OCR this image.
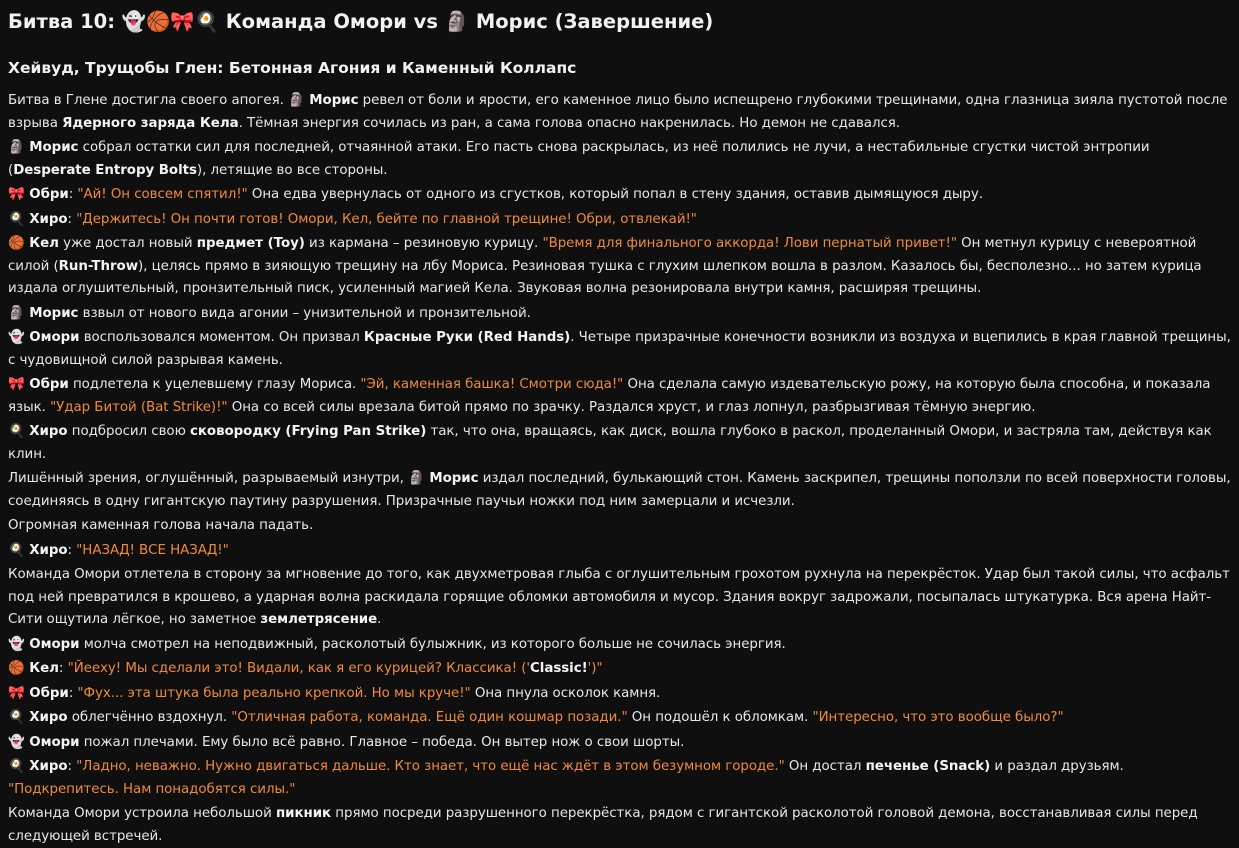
Битва 10: 👻🏀🎀🍳 Команда Омори vs 🗿 Морис (Завершение)
Хейвуд, Трущобы Глен: Бетонная Агония и Каменный Коллапс
Битва в Глене достигла своего апогея. 🗿 Морис ревел от боли и ярости, его каменное лицо было испещрено глубокими трещинами, одна глазница зияла пустотой после взрыва Ядерного заряда Кела. Тёмная энергия сочилась из ран, а сама голова опасно накренилась. Но демон не сдавался.
🗿 Морис собрал остатки сил для последней, отчаянной атаки. Его пасть снова раскрылась, из неё полились не лучи, а нестабильные сгустки чистой энтропии (Desperate Entropy Bolts), летящие во все стороны.
🎀 Обри: "Ай! Он совсем спятил!" Она едва увернулась от одного из сгустков, который попал в стену здания, оставив дымящуюся дыру.
🍳 Хиро: "Держитесь! Он почти готов! Омори, Кел, бейте по главной трещине! Обри, отвлекай!"
🏀 Кел уже достал новый предмет (Toy) из кармана – резиновую курицу. "Время для финального аккорда! Лови пернатый привет!" Он метнул курицу с невероятной силой (Run-Throw), целясь прямо в зияющую трещину на лбу Мориса. Резиновая тушка с глухим шлепком вошла в разлом. Казалось бы, бесполезно... но затем курица издала оглушительный, пронзительный писк, усиленный магией Кела. Звуковая волна резонировала внутри камня, расширяя трещины.
🗿 Морис взвыл от нового вида агонии – унизительной и пронзительной.
👻 Омори воспользовался моментом. Он призвал Красные Руки (Red Hands). Четыре призрачные конечности возникли из воздуха и вцепились в края главной трещины, с чудовищной силой разрывая камень.
🎀 Обри подлетела к уцелевшему глазу Мориса. "Эй, каменная башка! Смотри сюда!" Она сделала самую издевательскую рожу, на которую была способна, и показала язык. "Удар Битой (Bat Strike)!" Она со всей силы врезала битой прямо по зрачку. Раздался хруст, и глаз лопнул, разбрызгивая тёмную энергию.
🍳 Хиро подбросил свою сковородку (Frying Pan Strike) так, что она, вращаясь, как диск, вошла глубоко в раскол, проделанный Омори, и застряла там, действуя как клин.
Лишённый зрения, оглушённый, разрываемый изнутри, 🗿 Морис издал последний, булькающий стон. Камень заскрипел, трещины поползли по всей поверхности головы, соединяясь в одну гигантскую паутину разрушения. Призрачные паучьи ножки под ним замерцали и исчезли.
Огромная каменная голова начала падать.
🍳 Хиро: "НАЗАД! ВСЕ НАЗАД!"
Команда Омори отлетела в сторону за мгновение до того, как двухметровая глыба с оглушительным грохотом рухнула на перекрёсток. Удар был такой силы, что асфальт под ней превратился в крошево, а ударная волна раскидала горящие обломки автомобиля и мусор. Здания вокруг задрожали, посыпалась штукатурка. Вся арена Найт-Сити ощутила лёгкое, но заметное землетрясение.
👻 Омори молча смотрел на неподвижный, расколотый булыжник, из которого больше не сочилась энергия.
🏀 Кел: "Йееху! Мы сделали это! Видали, как я его курицей? Классика! ('Classic!')"
🎀 Обри: "Фух... эта штука была реально крепкой. Но мы круче!" Она пнула осколок камня.
🍳 Хиро облегчённо вздохнул. "Отличная работа, команда. Ещё один кошмар позади." Он подошёл к обломкам. "Интересно, что это вообще было?"
👻 Омори пожал плечами. Ему было всё равно. Главное – победа. Он вытер нож о свои шорты.
🍳 Хиро: "Ладно, неважно. Нужно двигаться дальше. Кто знает, что ещё нас ждёт в этом безумном городе." Он достал печенье (Snack) и раздал друзьям. "Подкрепитесь. Нам понадобятся силы."
Команда Омори устроила небольшой пикник прямо посреди разрушенного перекрёстка, рядом с гигантской расколотой головой демона, восстанавливая силы перед следующей встречей.
